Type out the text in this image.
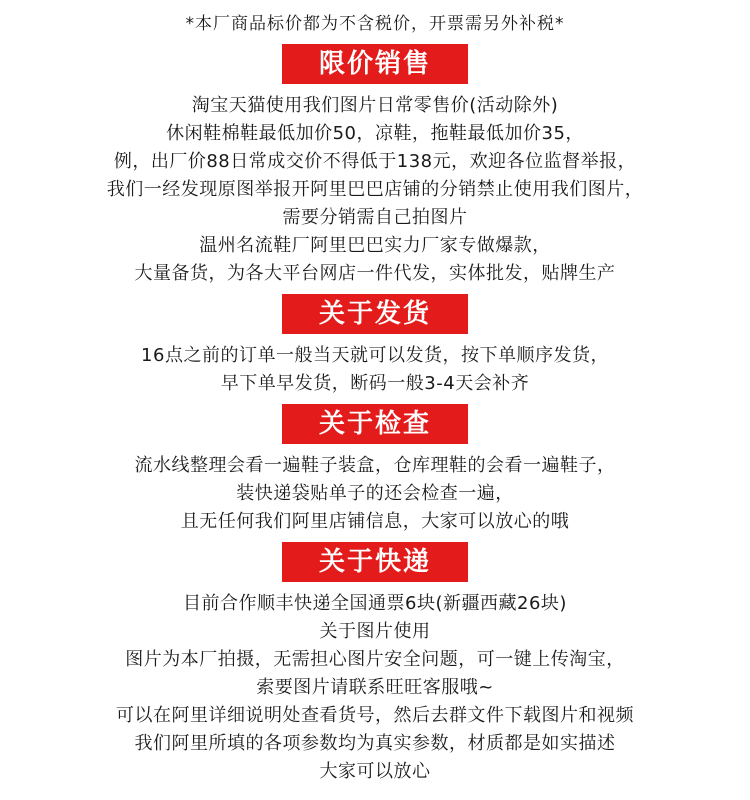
*本厂商品标价都为不含税价，开票需另外补税*
限价销售
淘宝天猫使用我们图片日常零售价(活动除外)
休闲鞋棉鞋最低加价50，凉鞋，拖鞋最低加价35，
例，出厂价88日常成交价不得低于138元，欢迎各位监督举报，
我们一经发现原图举报开阿里巴巴店铺的分销禁止使用我们图片，
需要分销需自己拍图片
温州名流鞋厂阿里巴巴实力厂家专做爆款，
大量备货，为各大平台网店一件代发，实体批发，贴牌生产
关于发货
16点之前的订单一般当天就可以发货，按下单顺序发货，
早下单早发货，断码一般3-4天会补齐
关于检查
流水线整理会看一遍鞋子装盒，仓库理鞋的会看一遍鞋子，
装快递袋贴单子的还会检查一遍，
且无任何我们阿里店铺信息，大家可以放心的哦
关于快递
目前合作顺丰快递全国通票6块(新疆西藏26块)
关于图片使用
图片为本厂拍摄，无需担心图片安全问题，可一键上传淘宝，
索要图片请联系旺旺客服哦~
可以在阿里详细说明处查看货号，然后去群文件下载图片和视频
我们阿里所填的各项参数均为真实参数，材质都是如实描述
大家可以放心
